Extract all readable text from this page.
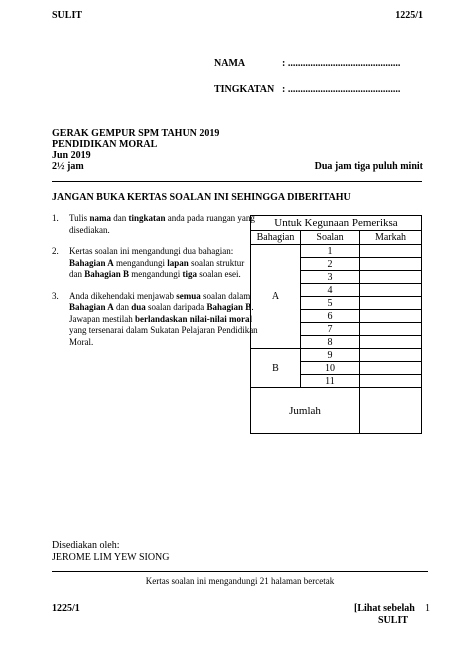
SULIT	1225/1
NAMA	: .............................................
TINGKATAN : .............................................
GERAK GEMPUR SPM TAHUN 2019
PENDIDIKAN MORAL
Jun 2019
2½ jam	Dua jam tiga puluh minit
JANGAN BUKA KERTAS SOALAN INI SEHINGGA DIBERITAHU
1. Tulis nama dan tingkatan anda pada ruangan yang disediakan.
2. Kertas soalan ini mengandungi dua bahagian: Bahagian A mengandungi lapan soalan struktur dan Bahagian B mengandungi tiga soalan esei.
3. Anda dikehendaki menjawab semua soalan dalam Bahagian A dan dua soalan daripada Bahagian B. Jawapan mestilah berlandaskan nilai-nilai moral yang tersenarai dalam Sukatan Pelajaran Pendidikan Moral.
Untuk Kegunaan Pemeriksa		
Bahagian	Soalan	Markah
A	1	
	2	
	3	
	4	
	5	
	6	
	7	
	8	
B	9	
	10	
	11	
Jumlah		
Disediakan oleh:
JEROME LIM YEW SIONG
Kertas soalan ini mengandungi 21 halaman bercetak
1225/1	[Lihat sebelah 1
SULIT
